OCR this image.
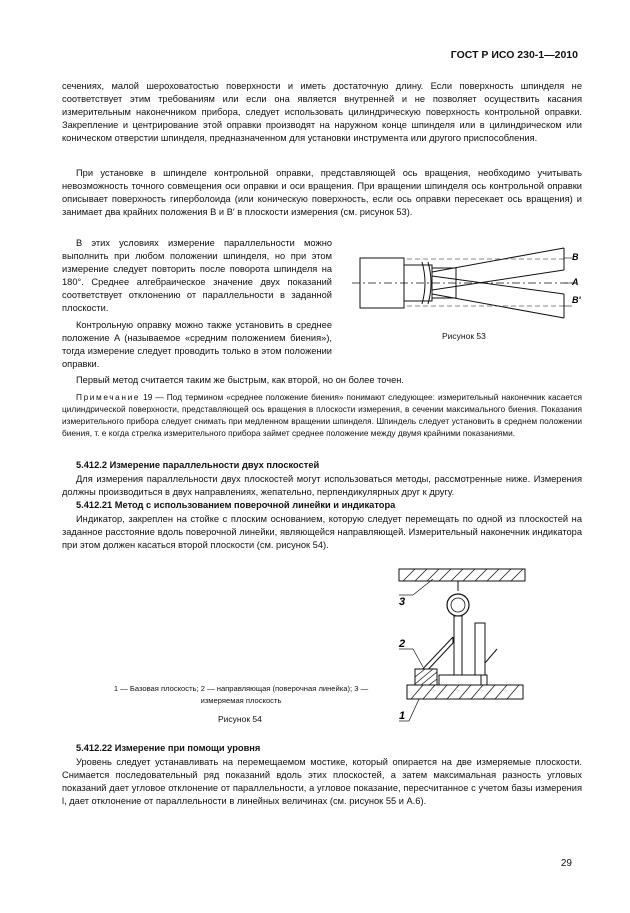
ГОСТ Р ИСО 230-1—2010

сечениях, малой шероховатостью поверхности и иметь достаточную длину. Если поверхность шпинделя не соответствует этим требованиям или если она является внутренней и не позволяет осуществить касания измерительным наконечником прибора, следует использовать цилиндрическую поверхность контрольной оправки. Закрепление и центрирование этой оправки производят на наружном конце шпинделя или в цилиндрическом или коническом отверстии шпинделя, предназначенном для установки инструмента или другого приспособления.

При установке в шпинделе контрольной оправки, представляющей ось вращения, необходимо учитывать невозможность точного совмещения оси оправки и оси вращения. При вращении шпинделя ось контрольной оправки описывает поверхность гиперболоида (или коническую поверхность, если ось оправки пересекает ось вращения) и занимает два крайних положения B и B′ в плоскости измерения (см. рисунок 53).

В этих условиях измерение параллельности можно выполнить при любом положении шпинделя, но при этом измерение следует повторить после поворота шпинделя на 180°. Среднее алгебраическое значение двух показаний соответствует отклонению от параллельности в заданной плоскости.

Контрольную оправку можно также установить в среднее положение A (называемое «средним положением биения»), тогда измерение следует проводить только в этом положении оправки.

Первый метод считается таким же быстрым, как второй, но он более точен.

Примечание 19 — Под термином «среднее положение биения» понимают следующее: измерительный наконечник касается цилиндрической поверхности, представляющей ось вращения в плоскости измерения, в сечении максимального биения. Показания измерительного прибора следует снимать при медленном вращении шпинделя. Шпиндель следует установить в среднем положении биения, т. е когда стрелка измерительного прибора займет среднее положение между двумя крайними показаниями.

5.412.2 Измерение параллельности двух плоскостей

Для измерения параллельности двух плоскостей могут использоваться методы, рассмотренные ниже. Измерения должны производиться в двух направлениях, жепательно, перпендикулярных друг к другу.

5.412.21 Метод с использованием поверочной линейки и индикатора

Индикатор, закреплен на стойке с плоским основанием, которую следует перемещать по одной из плоскостей на заданное расстояние вдоль поверочной линейки, являющейся направляющей. Измерительный наконечник индикатора при этом должен касаться второй плоскости (см. рисунок 54).

B
A
B'
Рисунок 53
3
2
1
1 — Базовая плоскость; 2 — направляющая (поверочная линейка); 3 — измеряемая плоскость
Рисунок 54

5.412.22 Измерение при помощи уровня

Уровень следует устанавливать на перемещаемом мостике, который опирается на две измеряемые плоскости. Снимается последовательный ряд показаний вдоль этих плоскостей, а затем максимальная разность угловых показаний дает угловое отклонение от параллельности, а угловое показание, пересчитанное с учетом базы измерения l, дает отклонение от параллельности в линейных величинах (см. рисунок 55 и А.6).

29
